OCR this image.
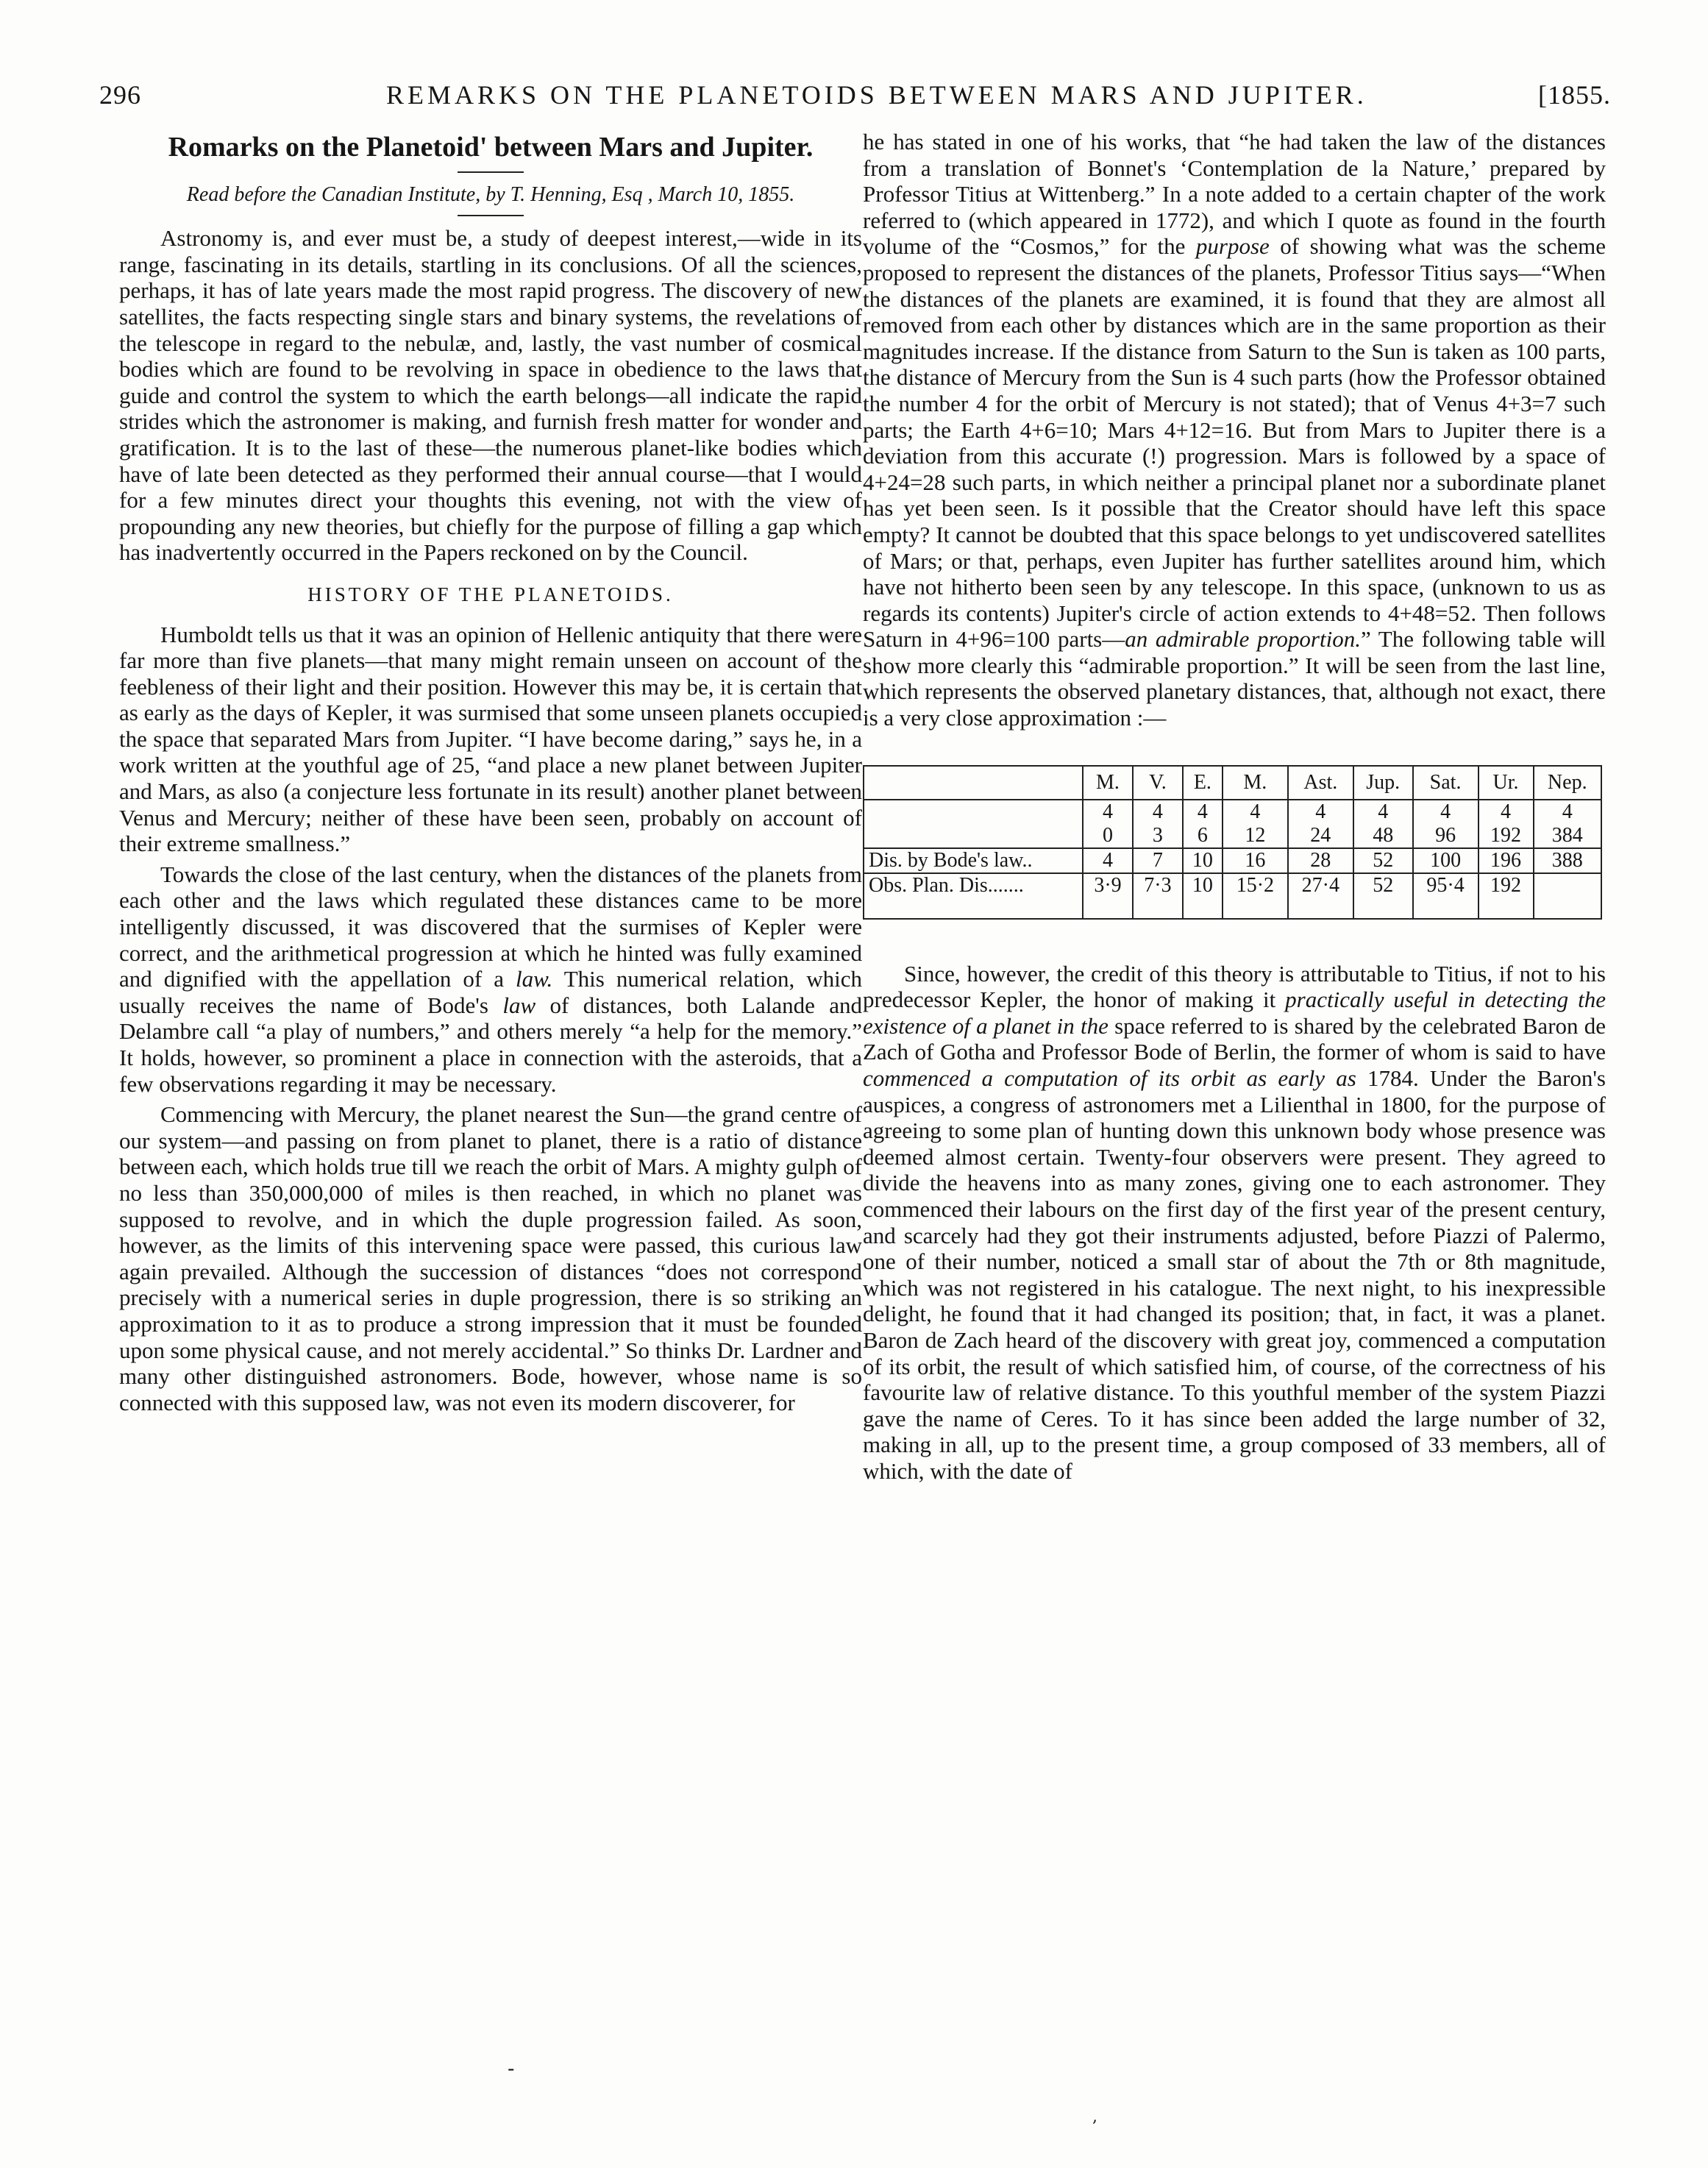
296	REMARKS ON THE PLANETOIDS BETWEEN MARS AND JUPITER.	[1855.
Romarks on the Planetoid' between Mars and Jupiter.
Read before the Canadian Institute, by T. Henning, Esq , March 10, 1855.

Astronomy is, and ever must be, a study of deepest interest,—wide in its range, fascinating in its details, startling in its conclusions. Of all the sciences, perhaps, it has of late years made the most rapid progress. The discovery of new satellites, the facts respecting single stars and binary systems, the revelations of the telescope in regard to the nebulæ, and, lastly, the vast number of cosmical bodies which are found to be revolving in space in obedience to the laws that guide and control the system to which the earth belongs—all indicate the rapid strides which the astronomer is making, and furnish fresh matter for wonder and gratification. It is to the last of these—the numerous planet-like bodies which have of late been detected as they performed their annual course—that I would for a few minutes direct your thoughts this evening, not with the view of propounding any new theories, but chiefly for the purpose of filling a gap which has inadvertently occurred in the Papers reckoned on by the Council.

HISTORY OF THE PLANETOIDS.

Humboldt tells us that it was an opinion of Hellenic antiquity that there were far more than five planets—that many might remain unseen on account of the feebleness of their light and their position. However this may be, it is certain that as early as the days of Kepler, it was surmised that some unseen planets occupied the space that separated Mars from Jupiter. “I have become daring,” says he, in a work written at the youthful age of 25, “and place a new planet between Jupiter and Mars, as also (a conjecture less fortunate in its result) another planet between Venus and Mercury; neither of these have been seen, probably on account of their extreme smallness.”

Towards the close of the last century, when the distances of the planets from each other and the laws which regulated these distances came to be more intelligently discussed, it was discovered that the surmises of Kepler were correct, and the arithmetical progression at which he hinted was fully examined and dignified with the appellation of a law. This numerical relation, which usually receives the name of Bode's law of distances, both Lalande and Delambre call “a play of numbers,” and others merely “a help for the memory.” It holds, however, so prominent a place in connection with the asteroids, that a few observations regarding it may be necessary.

Commencing with Mercury, the planet nearest the Sun—the grand centre of our system—and passing on from planet to planet, there is a ratio of distance between each, which holds true till we reach the orbit of Mars. A mighty gulph of no less than 350,000,000 of miles is then reached, in which no planet was supposed to revolve, and in which the duple progression failed. As soon, however, as the limits of this intervening space were passed, this curious law again prevailed. Although the succession of distances “does not correspond precisely with a numerical series in duple progression, there is so striking an approximation to it as to produce a strong impression that it must be founded upon some physical cause, and not merely accidental.” So thinks Dr. Lardner and many other distinguished astronomers. Bode, however, whose name is so connected with this supposed law, was not even its modern discoverer, for

he has stated in one of his works, that “he had taken the law of the distances from a translation of Bonnet's ‘Contemplation de la Nature,’ prepared by Professor Titius at Wittenberg.” In a note added to a certain chapter of the work referred to (which appeared in 1772), and which I quote as found in the fourth volume of the “Cosmos,” for the purpose of showing what was the scheme proposed to represent the distances of the planets, Professor Titius says—“When the distances of the planets are examined, it is found that they are almost all removed from each other by distances which are in the same proportion as their magnitudes increase. If the distance from Saturn to the Sun is taken as 100 parts, the distance of Mercury from the Sun is 4 such parts (how the Professor obtained the number 4 for the orbit of Mercury is not stated); that of Venus 4+3=7 such parts; the Earth 4+6=10; Mars 4+12=16. But from Mars to Jupiter there is a deviation from this accurate (!) progression. Mars is followed by a space of 4+24=28 such parts, in which neither a principal planet nor a subordinate planet has yet been seen. Is it possible that the Creator should have left this space empty? It cannot be doubted that this space belongs to yet undiscovered satellites of Mars; or that, perhaps, even Jupiter has further satellites around him, which have not hitherto been seen by any telescope. In this space, (unknown to us as regards its contents) Jupiter's circle of action extends to 4+48=52. Then follows Saturn in 4+96=100 parts—an admirable proportion.” The following table will show more clearly this “admirable proportion.” It will be seen from the last line, which represents the observed planetary distances, that, although not exact, there is a very close approximation :—

	M.	V.	E.	M.	Ast.	Jup.	Sat.	Ur.	Nep.
	4	4	4	4	4	4	4	4	4
	0	3	6	12	24	48	96	192	384
Dis. by Bode's law..	4	7	10	16	28	52	100	196	388
Obs. Plan. Dis.......	3·9	7·3	10	15·2	27·4	52	95·4	192	

Since, however, the credit of this theory is attributable to Titius, if not to his predecessor Kepler, the honor of making it practically useful in detecting the existence of a planet in the space referred to is shared by the celebrated Baron de Zach of Gotha and Professor Bode of Berlin, the former of whom is said to have commenced a computation of its orbit as early as 1784. Under the Baron's auspices, a congress of astronomers met a Lilienthal in 1800, for the purpose of agreeing to some plan of hunting down this unknown body whose presence was deemed almost certain. Twenty-four observers were present. They agreed to divide the heavens into as many zones, giving one to each astronomer. They commenced their labours on the first day of the first year of the present century, and scarcely had they got their instruments adjusted, before Piazzi of Palermo, one of their number, noticed a small star of about the 7th or 8th magnitude, which was not registered in his catalogue. The next night, to his inexpressible delight, he found that it had changed its position; that, in fact, it was a planet. Baron de Zach heard of the discovery with great joy, commenced a computation of its orbit, the result of which satisfied him, of course, of the correctness of his favourite law of relative distance. To this youthful member of the system Piazzi gave the name of Ceres. To it has since been added the large number of 32, making in all, up to the present time, a group composed of 33 members, all of which, with the date of

-
,
